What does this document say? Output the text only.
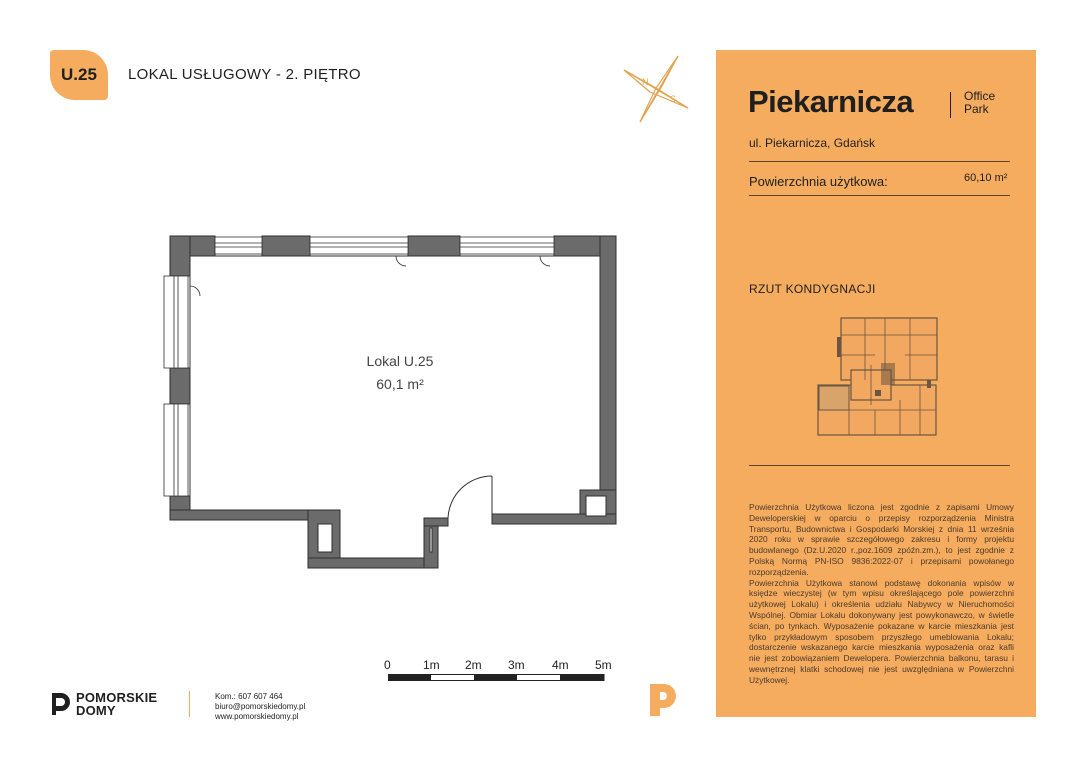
U.25 LOKAL USŁUGOWY - 2. PIĘTRO	N
S
Lokal U.25
60,1 m²
0	1m 2m 3m 4m 5m
Piekarnicza	Office
Park
ul. Piekarnicza, Gdańsk
Powierzchnia użytkowa:	60,10 m²
RZUT KONDYGNACJI

Powierzchnia Użytkowa liczona jest zgodnie z zapisami Umowy Deweloperskiej w oparciu o przepisy rozporządzenia Ministra Transportu, Budownictwa i Gospodarki Morskiej z dnia 11 września 2020 roku w sprawie szczegółowego zakresu i formy projektu budowlanego (Dz.U.2020 r.,poz.1609 zpóźn.zm.), to jest zgodnie z Polską Normą PN-ISO 9836:2022-07 i przepisami powołanego rozporządzenia.

Powierzchnia Użytkowa stanowi podstawę dokonania wpisów w księdze wieczystej (w tym wpisu określającego pole powierzchni użytkowej Lokalu) i określenia udziału Nabywcy w Nieruchomości Wspólnej. Obmiar Lokalu dokonywany jest powykonawczo, w świetle ścian, po tynkach. Wyposażenie pokazane w karcie mieszkania jest tylko przykładowym sposobem przyszłego umeblowania Lokalu; dostarczenie wskazanego karcie mieszkania wyposażenia oraz kafli nie jest zobowiązaniem Dewelopera. Powierzchnia balkonu, tarasu i wewnętrznej klatki schodowej nie jest uwzględniana w Powierzchni Użytkowej.

POMORSKIE
DOMY
Kom.: 607 607 464
biuro@pomorskiedomy.pl
www.pomorskiedomy.pl
